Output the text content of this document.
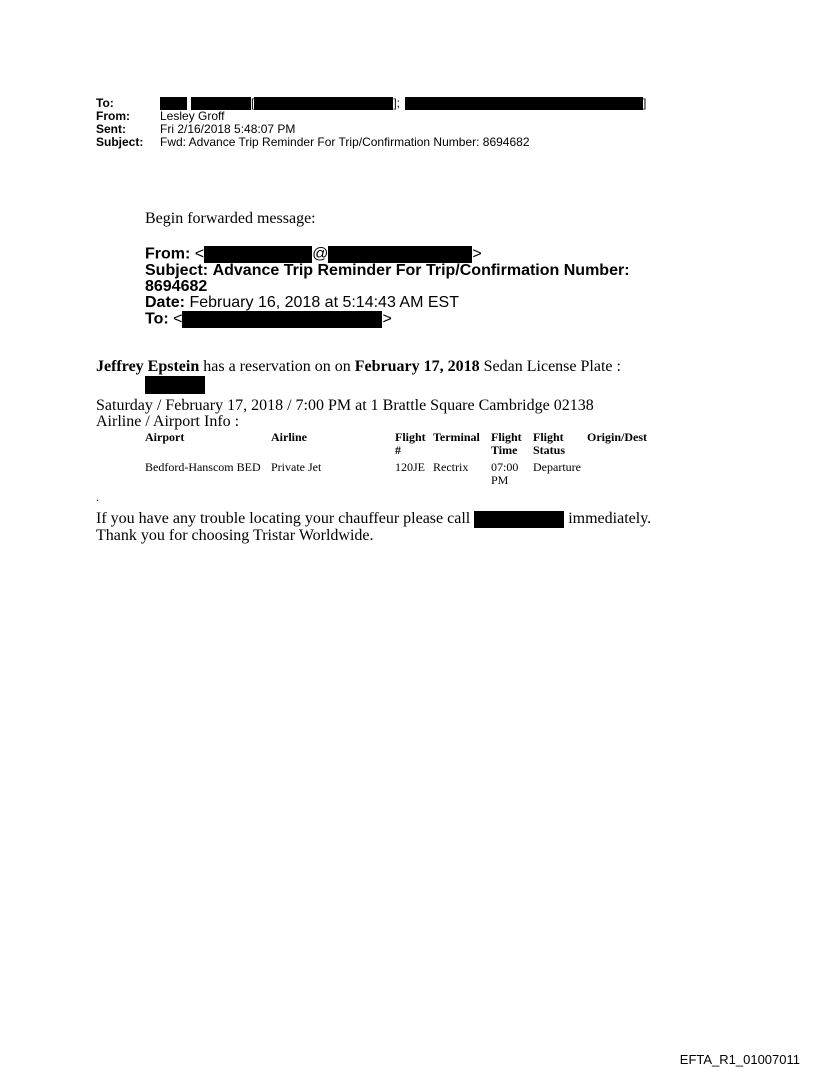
To:	[	];	]
From:	Lesley Groff
Sent:	Fri 2/16/2018 5:48:07 PM
Subject:	Fwd: Advance Trip Reminder For Trip/Confirmation Number: 8694682
Begin forwarded message:
From: <	@	>
Subject: Advance Trip Reminder For Trip/Confirmation Number:
8694682
Date: February 16, 2018 at 5:14:43 AM EST
To: <	>
Jeffrey Epstein has a reservation on on February 17, 2018 Sedan License Plate :
Saturday / February 17, 2018 / 7:00 PM at 1 Brattle Square Cambridge 02138
Airline / Airport Info :
Airport	Airline	Flight #	Terminal	Flight Time	Flight Status	Origin/Dest
Bedford-Hanscom BED	Private Jet	120JE	Rectrix	07:00 PM	Departure	
.
If you have any trouble locating your chauffeur please call	immediately.
Thank you for choosing Tristar Worldwide.
EFTA_R1_01007011
